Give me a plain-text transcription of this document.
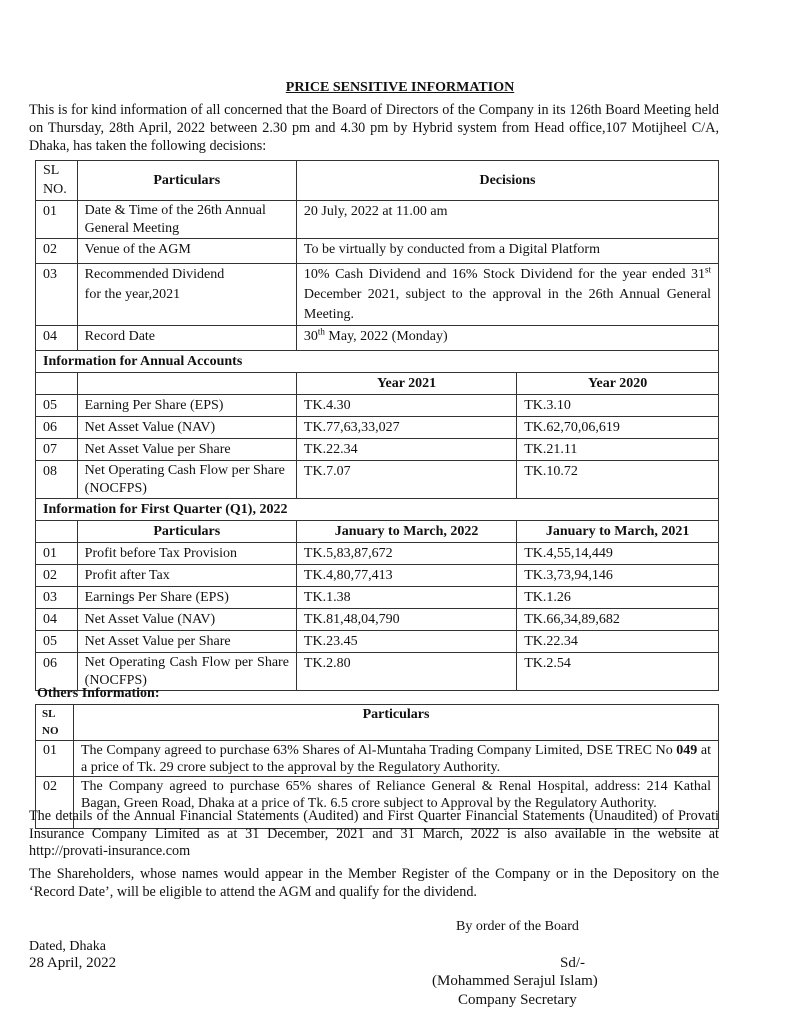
PRICE SENSITIVE INFORMATION
This is for kind information of all concerned that the Board of Directors of the Company in its 126th Board Meeting held on Thursday, 28th April, 2022 between 2.30 pm and 4.30 pm by Hybrid system from Head office,107 Motijheel C/A, Dhaka, has taken the following decisions:
SL NO.	Particulars	Decisions	
01	Date & Time of the 26th Annual General Meeting	20 July, 2022 at 11.00 am	
02	Venue of the AGM	To be virtually by conducted from a Digital Platform	
03	Recommended Dividend
for the year,2021	10% Cash Dividend and 16% Stock Dividend for the year ended 31st December 2021, subject to the approval in the 26th Annual General Meeting.	
04	Record Date	30th May, 2022 (Monday)	
Information for Annual Accounts			
		Year 2021	Year 2020
05	Earning Per Share (EPS)	TK.4.30	TK.3.10
06	Net Asset Value (NAV)	TK.77,63,33,027	TK.62,70,06,619
07	Net Asset Value per Share	TK.22.34	TK.21.11
08	Net Operating Cash Flow per Share (NOCFPS)	TK.7.07	TK.10.72
Information for First Quarter (Q1), 2022			
	Particulars	January to March, 2022	January to March, 2021
01	Profit before Tax Provision	TK.5,83,87,672	TK.4,55,14,449
02	Profit after Tax	TK.4,80,77,413	TK.3,73,94,146
03	Earnings Per Share (EPS)	TK.1.38	TK.1.26
04	Net Asset Value (NAV)	TK.81,48,04,790	TK.66,34,89,682
05	Net Asset Value per Share	TK.23.45	TK.22.34
06	Net Operating Cash Flow per Share (NOCFPS)	TK.2.80	TK.2.54
Others Information:
SL NO	Particulars
01	The Company agreed to purchase 63% Shares of Al-Muntaha Trading Company Limited, DSE TREC No 049 at a price of Tk. 29 crore subject to the approval by the Regulatory Authority.
02	The Company agreed to purchase 65% shares of Reliance General & Renal Hospital, address: 214 Kathal Bagan, Green Road, Dhaka at a price of Tk. 6.5 crore subject to Approval by the Regulatory Authority.
The details of the Annual Financial Statements (Audited) and First Quarter Financial Statements (Unaudited) of Provati Insurance Company Limited as at 31 December, 2021 and 31 March, 2022 is also available in the website at http://provati-insurance.com
The Shareholders, whose names would appear in the Member Register of the Company or in the Depository on the ‘Record Date’, will be eligible to attend the AGM and qualify for the dividend.
By order of the Board
Dated, Dhaka
28 April, 2022	Sd/-
(Mohammed Serajul Islam)
Company Secretary
